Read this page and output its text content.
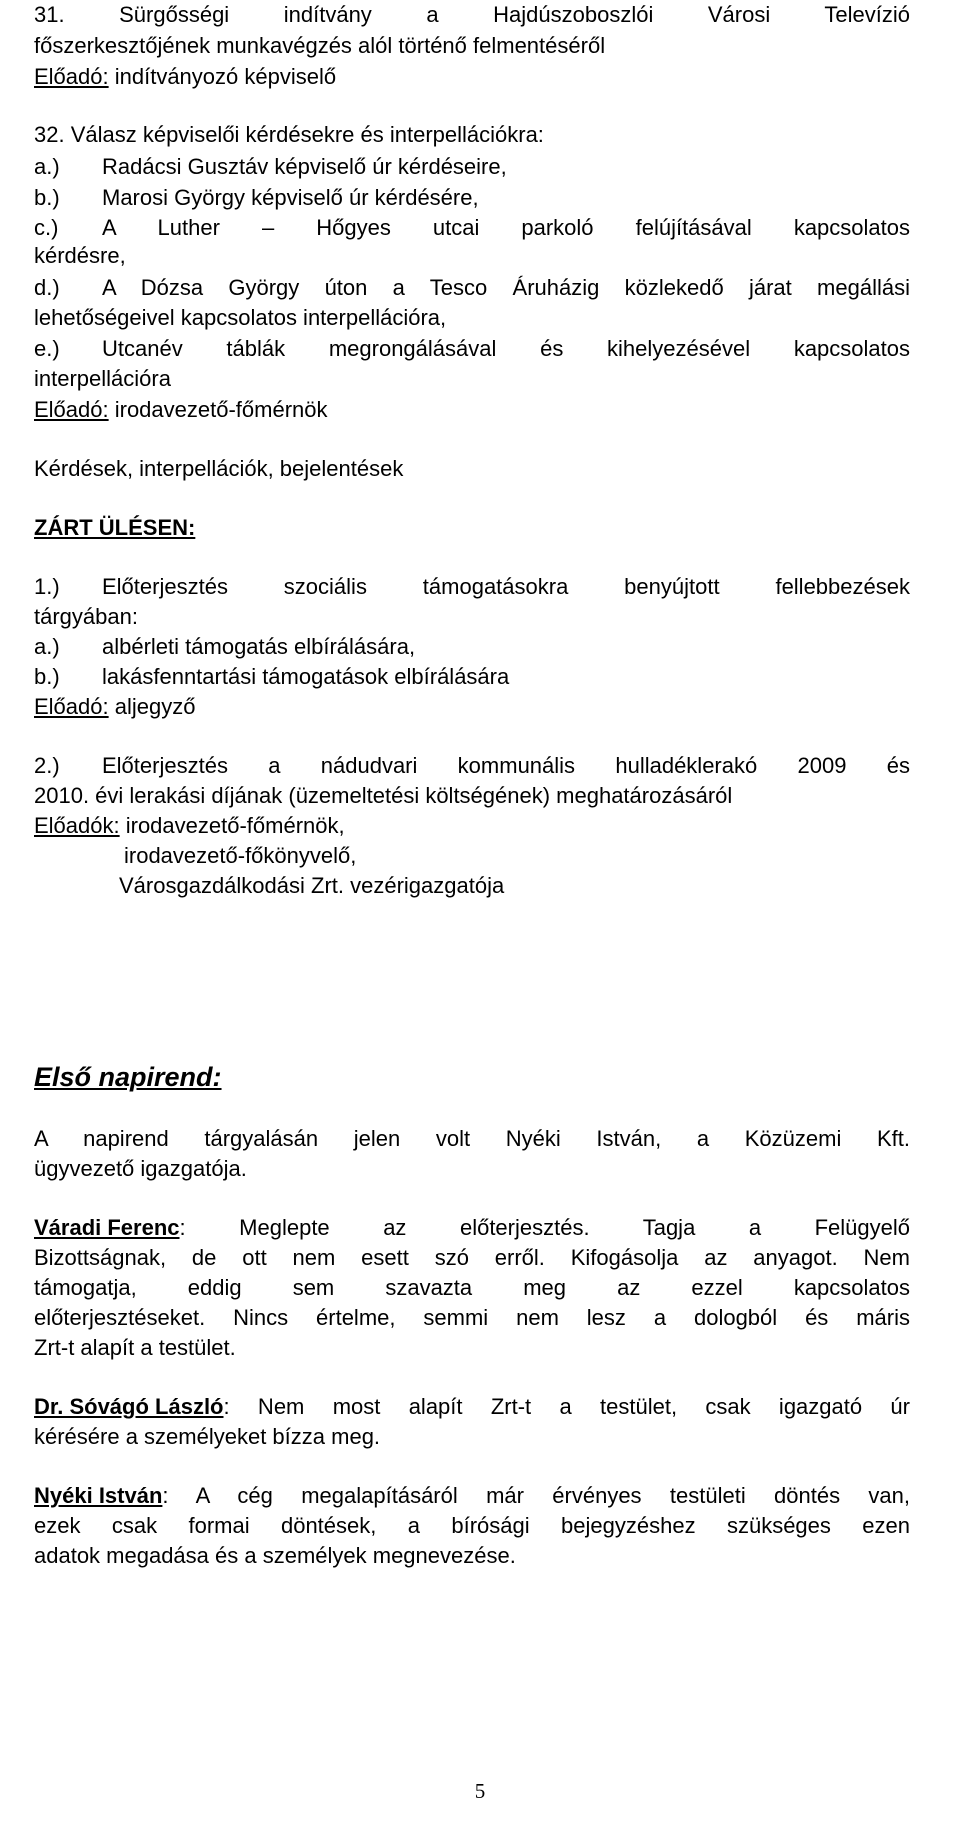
31. Sürgősségi indítvány a Hajdúszoboszlói Városi Televízió
főszerkesztőjének munkavégzés alól történő felmentéséről
Előadó: indítványozó képviselő
32. Válasz képviselői kérdésekre és interpellációkra:
a.) Radácsi Gusztáv képviselő úr kérdéseire,
b.) Marosi György képviselő úr kérdésére,
c.)	A Luther – Hőgyes utcai parkoló felújításával kapcsolatos
kérdésre,
d.)	A Dózsa György úton a Tesco Áruházig közlekedő járat megállási
lehetőségeivel kapcsolatos interpellációra,
e.)	Utcanév táblák megrongálásával és kihelyezésével kapcsolatos
interpellációra
Előadó: irodavezető-főmérnök
Kérdések, interpellációk, bejelentések
ZÁRT ÜLÉSEN:
1.)	Előterjesztés szociális támogatásokra benyújtott fellebbezések
tárgyában:
a.) albérleti támogatás elbírálására,
b.) lakásfenntartási támogatások elbírálására
Előadó: aljegyző
2.)	Előterjesztés a nádudvari kommunális hulladéklerakó 2009 és
2010. évi lerakási díjának (üzemeltetési költségének) meghatározásáról
Előadók: irodavezető-főmérnök,
irodavezető-főkönyvelő,
Városgazdálkodási Zrt. vezérigazgatója
Első napirend:
A napirend tárgyalásán jelen volt Nyéki István, a Közüzemi Kft.
ügyvezető igazgatója.
Váradi Ferenc : Meglepte az előterjesztés. Tagja a Felügyelő
Bizottságnak, de ott nem esett szó erről. Kifogásolja az anyagot. Nem
támogatja, eddig sem szavazta meg az ezzel kapcsolatos
előterjesztéseket. Nincs értelme, semmi nem lesz a dologból és máris
Zrt-t alapít a testület.
Dr. Sóvágó László : Nem most alapít Zrt-t a testület, csak igazgató úr
kérésére a személyeket bízza meg.
Nyéki István : A cég megalapításáról már érvényes testületi döntés van,
ezek csak formai döntések, a bírósági bejegyzéshez szükséges ezen
adatok megadása és a személyek megnevezése.
5
